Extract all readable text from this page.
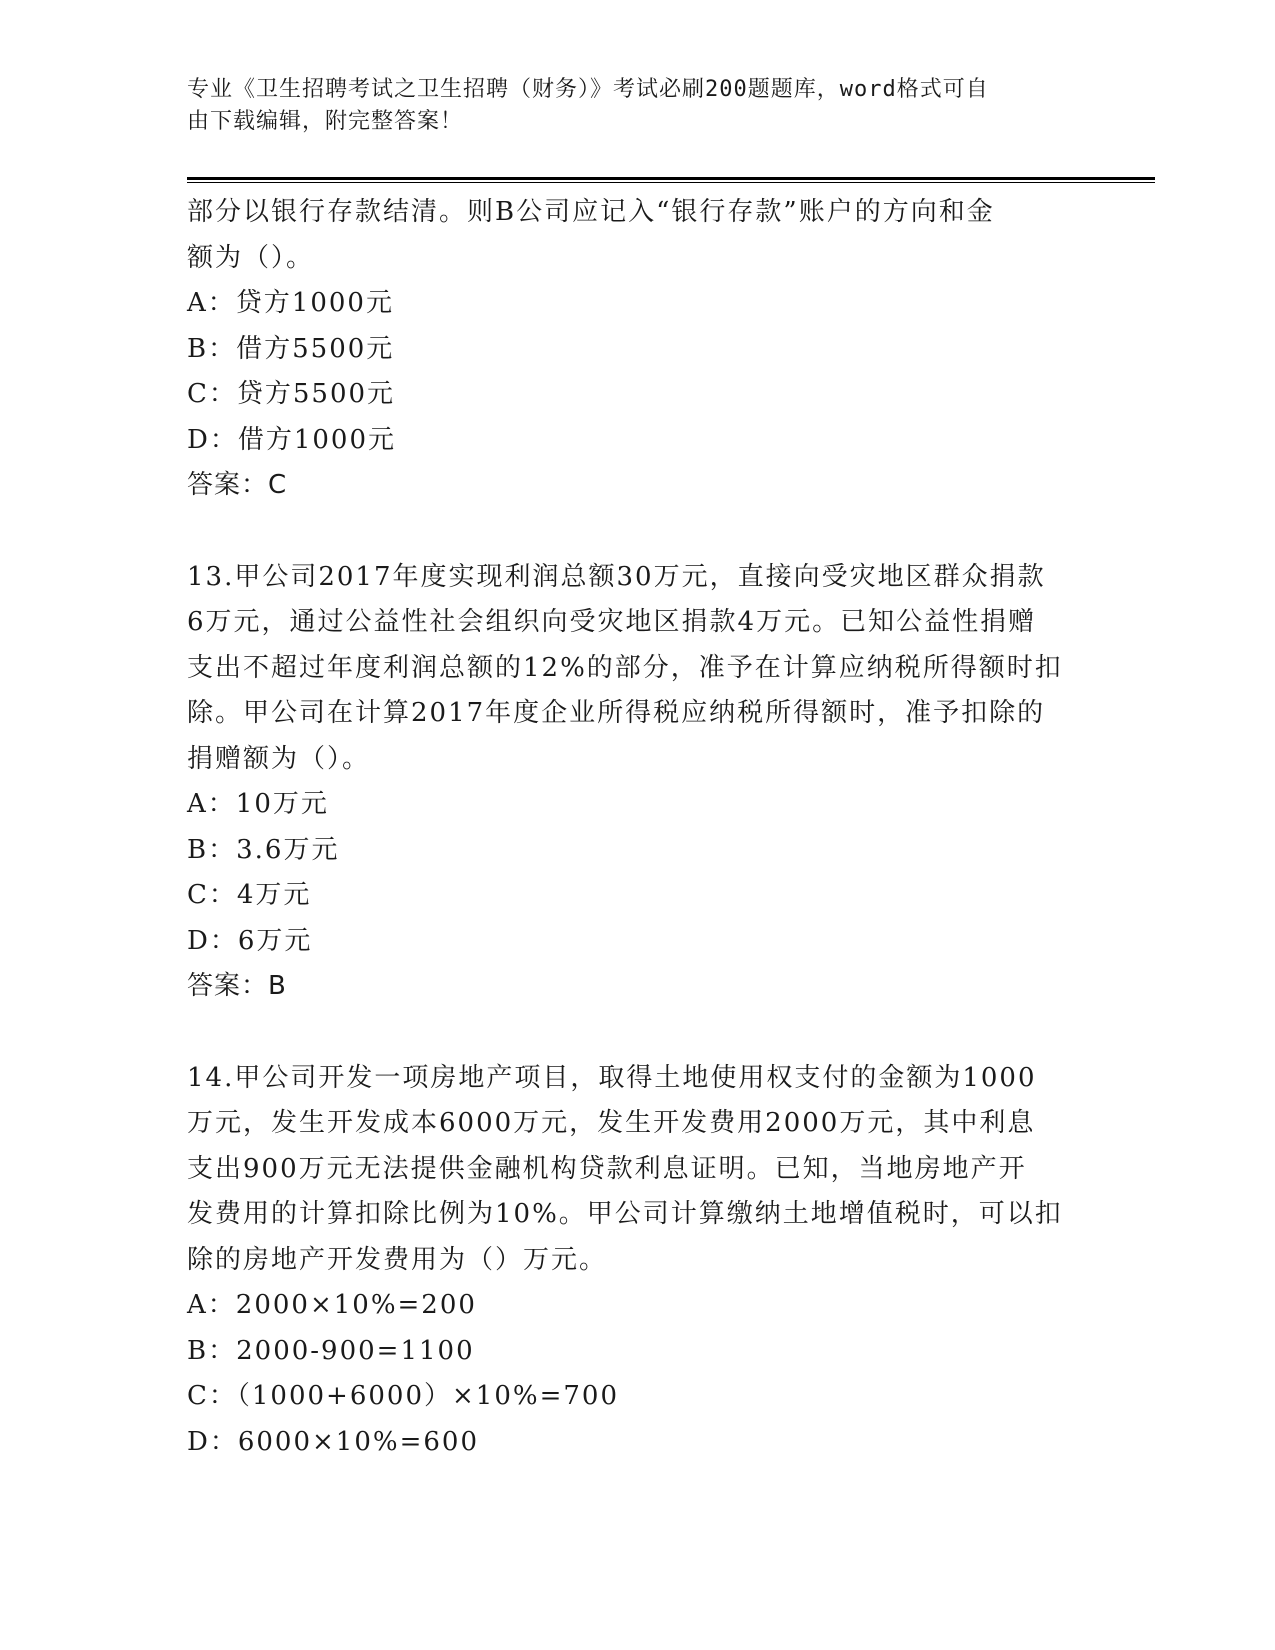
专业《卫生招聘考试之卫生招聘（财务）》考试必刷200题题库，word格式可自
由下载编辑，附完整答案！
部分以银行存款结清。则B公司应记入“银行存款”账户的方向和金
额为（）。
A：贷方1000元
B：借方5500元
C：贷方5500元
D：借方1000元
答案：C
13.甲公司2017年度实现利润总额30万元，直接向受灾地区群众捐款
6万元，通过公益性社会组织向受灾地区捐款4万元。已知公益性捐赠
支出不超过年度利润总额的12%的部分，准予在计算应纳税所得额时扣
除。甲公司在计算2017年度企业所得税应纳税所得额时，准予扣除的
捐赠额为（）。
A：10万元
B：3.6万元
C：4万元
D：6万元
答案：B
14.甲公司开发一项房地产项目，取得土地使用权支付的金额为1000
万元，发生开发成本6000万元，发生开发费用2000万元，其中利息
支出900万元无法提供金融机构贷款利息证明。已知，当地房地产开
发费用的计算扣除比例为10%。甲公司计算缴纳土地增值税时，可以扣
除的房地产开发费用为（）万元。
A：2000×10%=200
B：2000-900=1100
C：（1000+6000）×10%=700
D：6000×10%=600
